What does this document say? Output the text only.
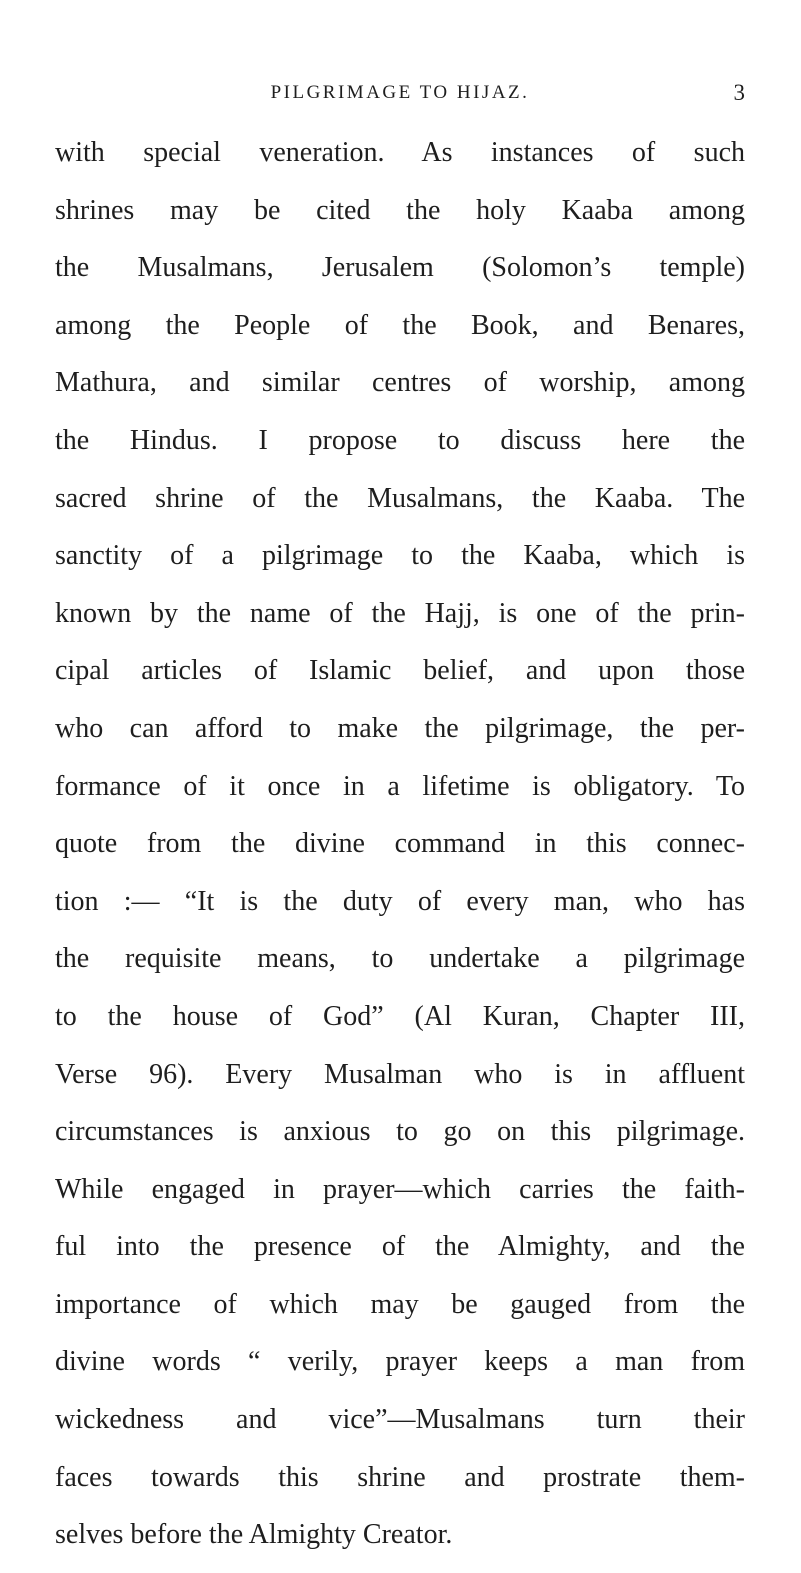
PILGRIMAGE TO HIJAZ.	3
with special veneration. As instances of such
shrines may be cited the holy Kaaba among
the Musalmans, Jerusalem (Solomon’s temple)
among the People of the Book, and Benares,
Mathura, and similar centres of worship, among
the Hindus. I propose to discuss here the
sacred shrine of the Musalmans, the Kaaba. The
sanctity of a pilgrimage to the Kaaba, which is
known by the name of the Hajj, is one of the prin-
cipal articles of Islamic belief, and upon those
who can afford to make the pilgrimage, the per-
formance of it once in a lifetime is obligatory. To
quote from the divine command in this connec-
tion :— “It is the duty of every man, who has
the requisite means, to undertake a pilgrimage
to the house of God” (Al Kuran, Chapter III,
Verse 96). Every Musalman who is in affluent
circumstances is anxious to go on this pilgrimage.
While engaged in prayer—which carries the faith-
ful into the presence of the Almighty, and the
importance of which may be gauged from the
divine words “ verily, prayer keeps a man from
wickedness and vice”—Musalmans turn their
faces towards this shrine and prostrate them-
selves before the Almighty Creator.
